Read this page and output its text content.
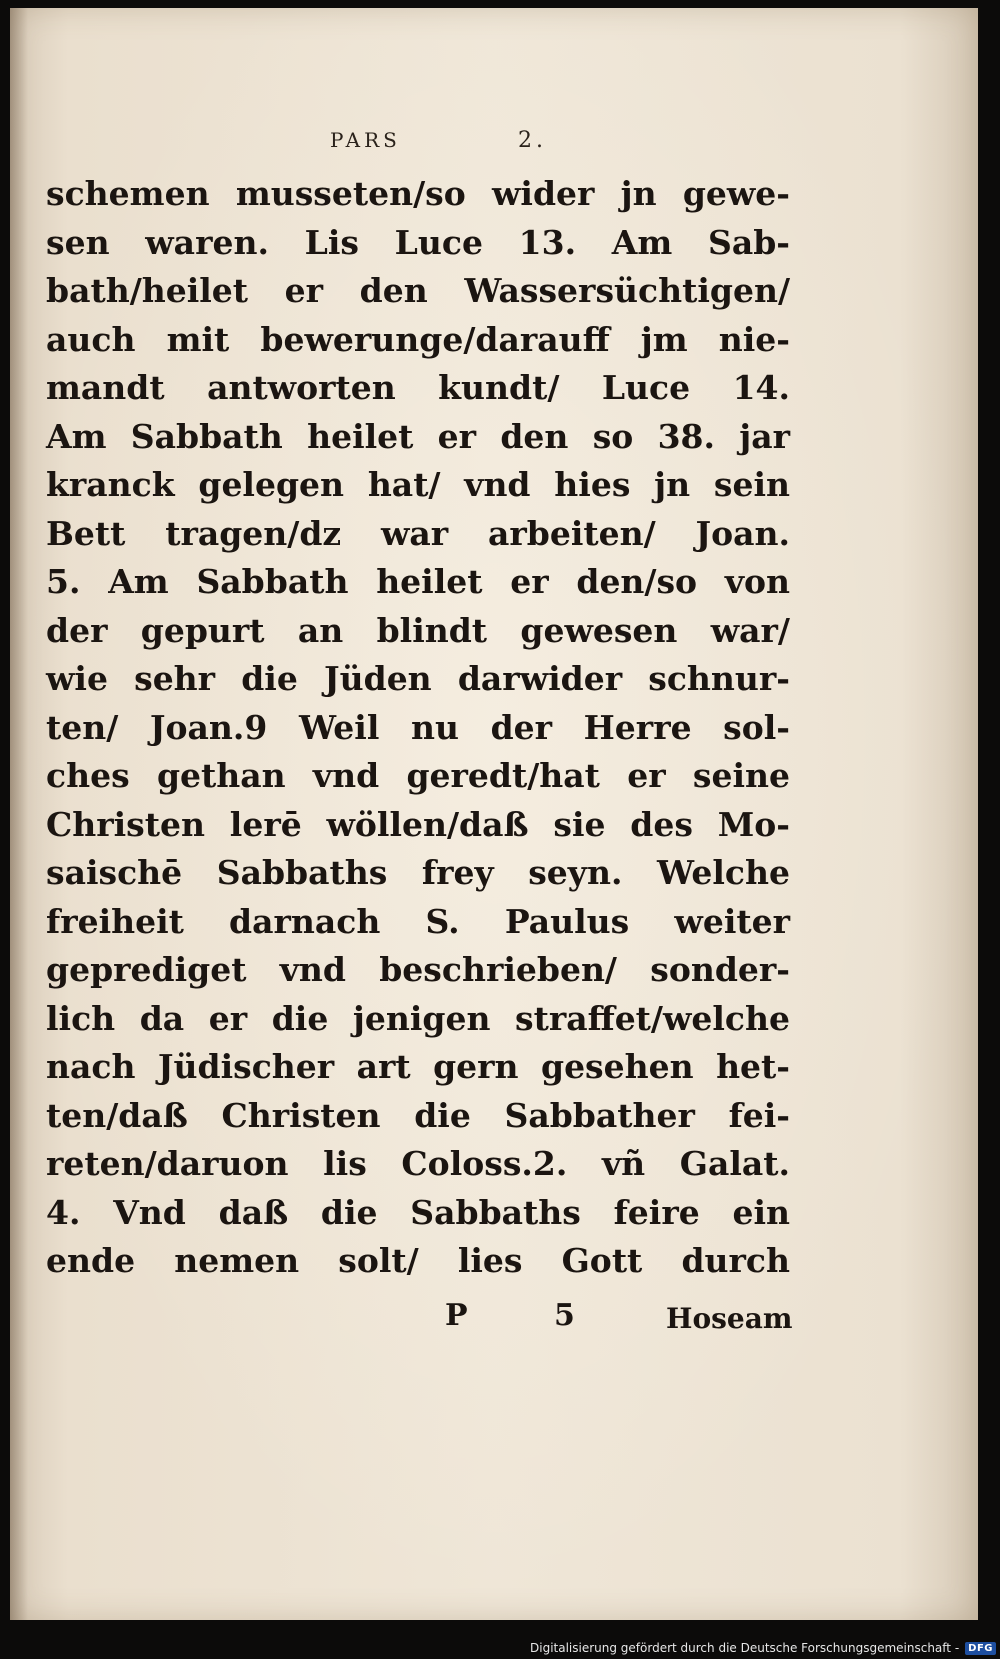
PARS	2.
schemen musseten/so wider jn gewe-
sen waren. Lis Luce 13. Am Sab-
bath/heilet er den Wassersüchtigen/
auch mit bewerunge/darauff jm nie-
mandt antworten kundt/ Luce 14.
Am Sabbath heilet er den so 38. jar
kranck gelegen hat/ vnd hies jn sein
Bett tragen/dz war arbeiten/ Joan.
5. Am Sabbath heilet er den/so von
der gepurt an blindt gewesen war/
wie sehr die Jüden darwider schnur-
ten/ Joan.9 Weil nu der Herre sol-
ches gethan vnd geredt/hat er seine
Christen lerē wöllen/daß sie des Mo-
saischē Sabbaths frey seyn. Welche
freiheit darnach S. Paulus weiter
geprediget vnd beschrieben/ sonder-
lich da er die jenigen straffet/welche
nach Jüdischer art gern gesehen het-
ten/daß Christen die Sabbather fei-
reten/daruon lis Coloss.2. vñ Galat.
4. Vnd daß die Sabbaths feire ein
ende nemen solt/ lies Gott durch
P 5 Hoseam
Digitalisierung gefördert durch die Deutsche Forschungsgemeinschaft - DFG
